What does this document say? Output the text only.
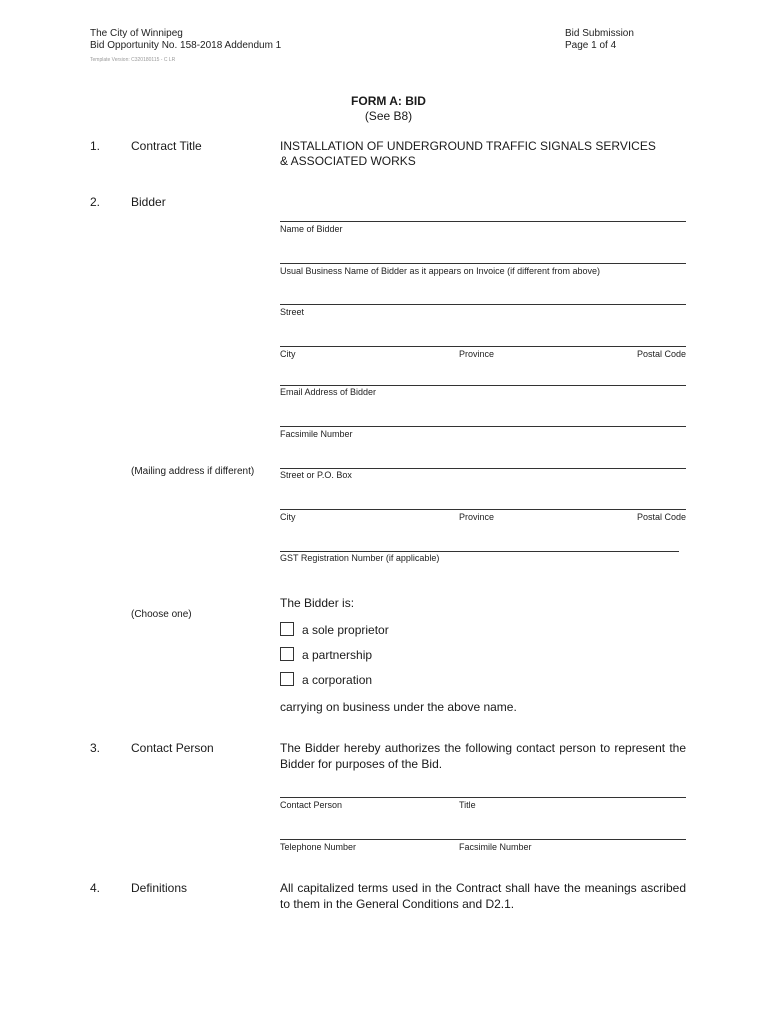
The City of Winnipeg
Bid Opportunity No. 158-2018 Addendum 1
Template Version: C320180115 - C LR
Bid Submission
Page 1 of 4
FORM A: BID
(See B8)
1.	Contract Title	INSTALLATION OF UNDERGROUND TRAFFIC SIGNALS SERVICES
& ASSOCIATED WORKS
2.	Bidder
Name of Bidder
Usual Business Name of Bidder as it appears on Invoice (if different from above)
Street
City	Province	Postal Code
Email Address of Bidder
Facsimile Number
(Mailing address if different)	Street or P.O. Box
City	Province	Postal Code
GST Registration Number (if applicable)
(Choose one)
The Bidder is:
a sole proprietor
a partnership
a corporation
carrying on business under the above name.
3.	Contact Person	The Bidder hereby authorizes the following contact person to represent the Bidder for purposes of the Bid.
Contact Person	Title
Telephone Number	Facsimile Number
4.	Definitions	All capitalized terms used in the Contract shall have the meanings ascribed to them in the General Conditions and D2.1.
